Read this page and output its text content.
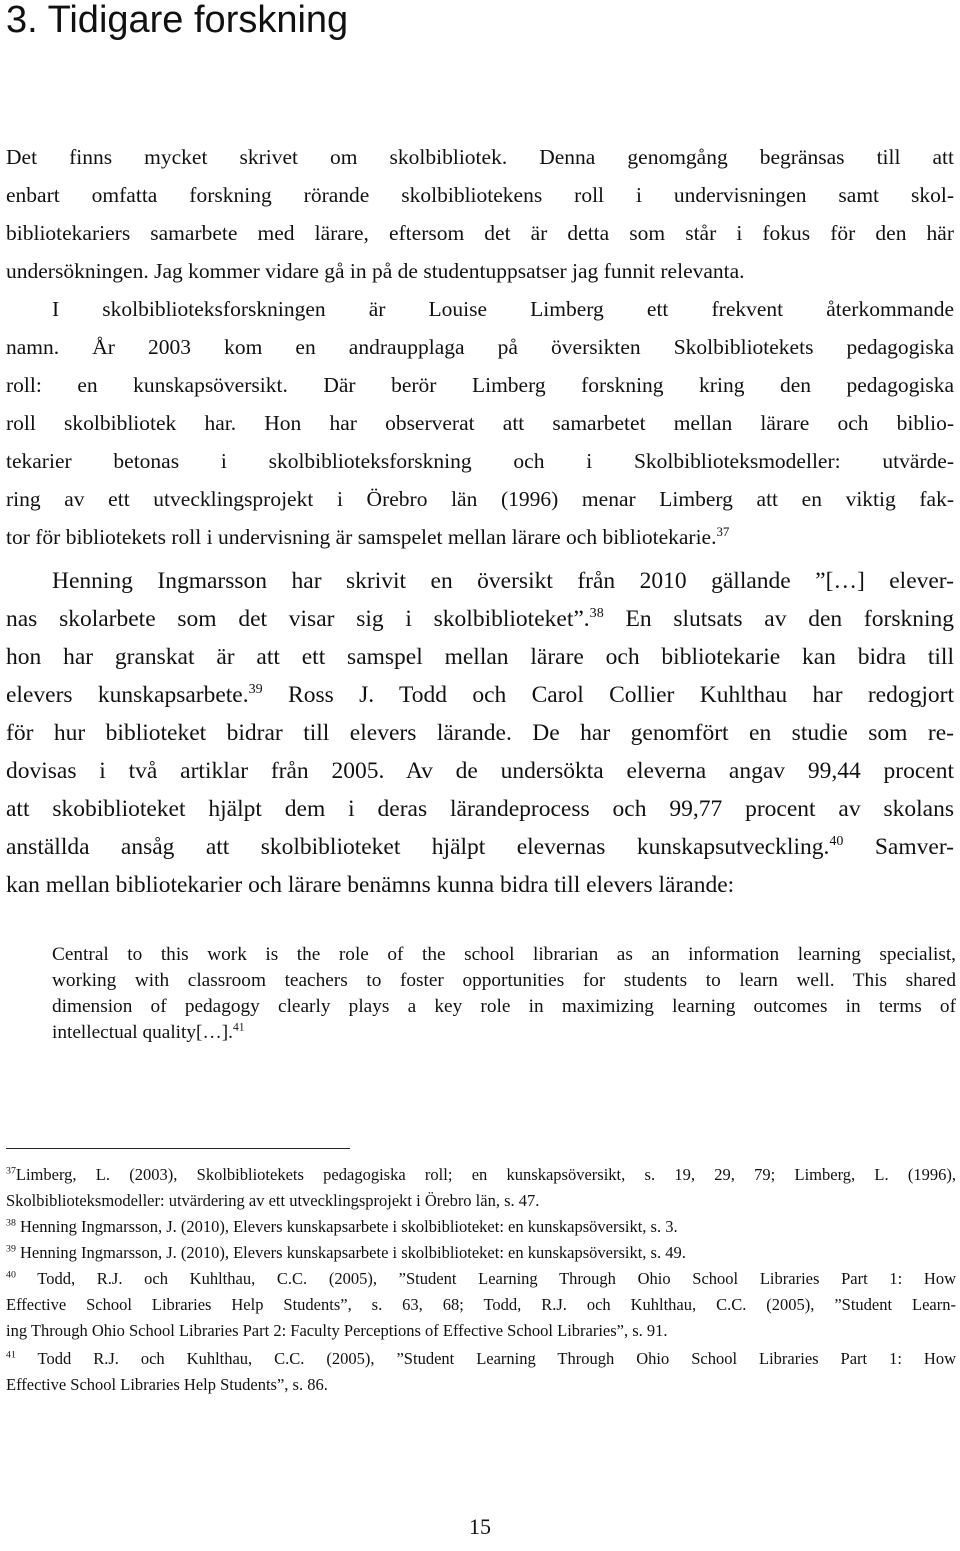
3. Tidigare forskning
Det finns mycket skrivet om skolbibliotek. Denna genomgång begränsas till att
enbart omfatta forskning rörande skolbibliotekens roll i undervisningen samt skol-
bibliotekariers samarbete med lärare, eftersom det är detta som står i fokus för den här
undersökningen. Jag kommer vidare gå in på de studentuppsatser jag funnit relevanta.
I skolbiblioteksforskningen är Louise Limberg ett frekvent återkommande
namn. År 2003 kom en andraupplaga på översikten Skolbibliotekets pedagogiska
roll: en kunskapsöversikt. Där berör Limberg forskning kring den pedagogiska
roll skolbibliotek har. Hon har observerat att samarbetet mellan lärare och biblio-
tekarier betonas i skolbiblioteksforskning och i Skolbiblioteksmodeller: utvärde-
ring av ett utvecklingsprojekt i Örebro län (1996) menar Limberg att en viktig fak-
tor för bibliotekets roll i undervisning är samspelet mellan lärare och bibliotekarie.$^{37}$
Henning Ingmarsson har skrivit en översikt från 2010 gällande ”[…] elever-
nas skolarbete som det visar sig i skolbiblioteket”.$^{38}$ En slutsats av den forskning
hon har granskat är att ett samspel mellan lärare och bibliotekarie kan bidra till
elevers kunskapsarbete.$^{39}$ Ross J. Todd och Carol Collier Kuhlthau har redogjort
för hur biblioteket bidrar till elevers lärande. De har genomfört en studie som re-
dovisas i två artiklar från 2005. Av de undersökta eleverna angav 99,44 procent
att skobiblioteket hjälpt dem i deras lärandeprocess och 99,77 procent av skolans
anställda ansåg att skolbiblioteket hjälpt elevernas kunskapsutveckling.$^{40}$ Samver-
kan mellan bibliotekarier och lärare benämns kunna bidra till elevers lärande:
Central to this work is the role of the school librarian as an information learning specialist,
working with classroom teachers to foster opportunities for students to learn well. This shared
dimension of pedagogy clearly plays a key role in maximizing learning outcomes in terms of
intellectual quality[…].$^{41}$
$^{37}$Limberg, L. (2003), Skolbibliotekets pedagogiska roll; en kunskapsöversikt, s. 19, 29, 79; Limberg, L. (1996),
Skolbiblioteksmodeller: utvärdering av ett utvecklingsprojekt i Örebro län, s. 47.
$^{38}$ Henning Ingmarsson, J. (2010), Elevers kunskapsarbete i skolbiblioteket: en kunskapsöversikt, s. 3.
$^{39}$ Henning Ingmarsson, J. (2010), Elevers kunskapsarbete i skolbiblioteket: en kunskapsöversikt, s. 49.
$^{40}$ Todd, R.J. och Kuhlthau, C.C. (2005), ”Student Learning Through Ohio School Libraries Part 1: How
Effective School Libraries Help Students”, s. 63, 68; Todd, R.J. och Kuhlthau, C.C. (2005), ”Student Learn-
ing Through Ohio School Libraries Part 2: Faculty Perceptions of Effective School Libraries”, s. 91.
$^{41}$ Todd R.J. och Kuhlthau, C.C. (2005), ”Student Learning Through Ohio School Libraries Part 1: How
Effective School Libraries Help Students”, s. 86.
15
